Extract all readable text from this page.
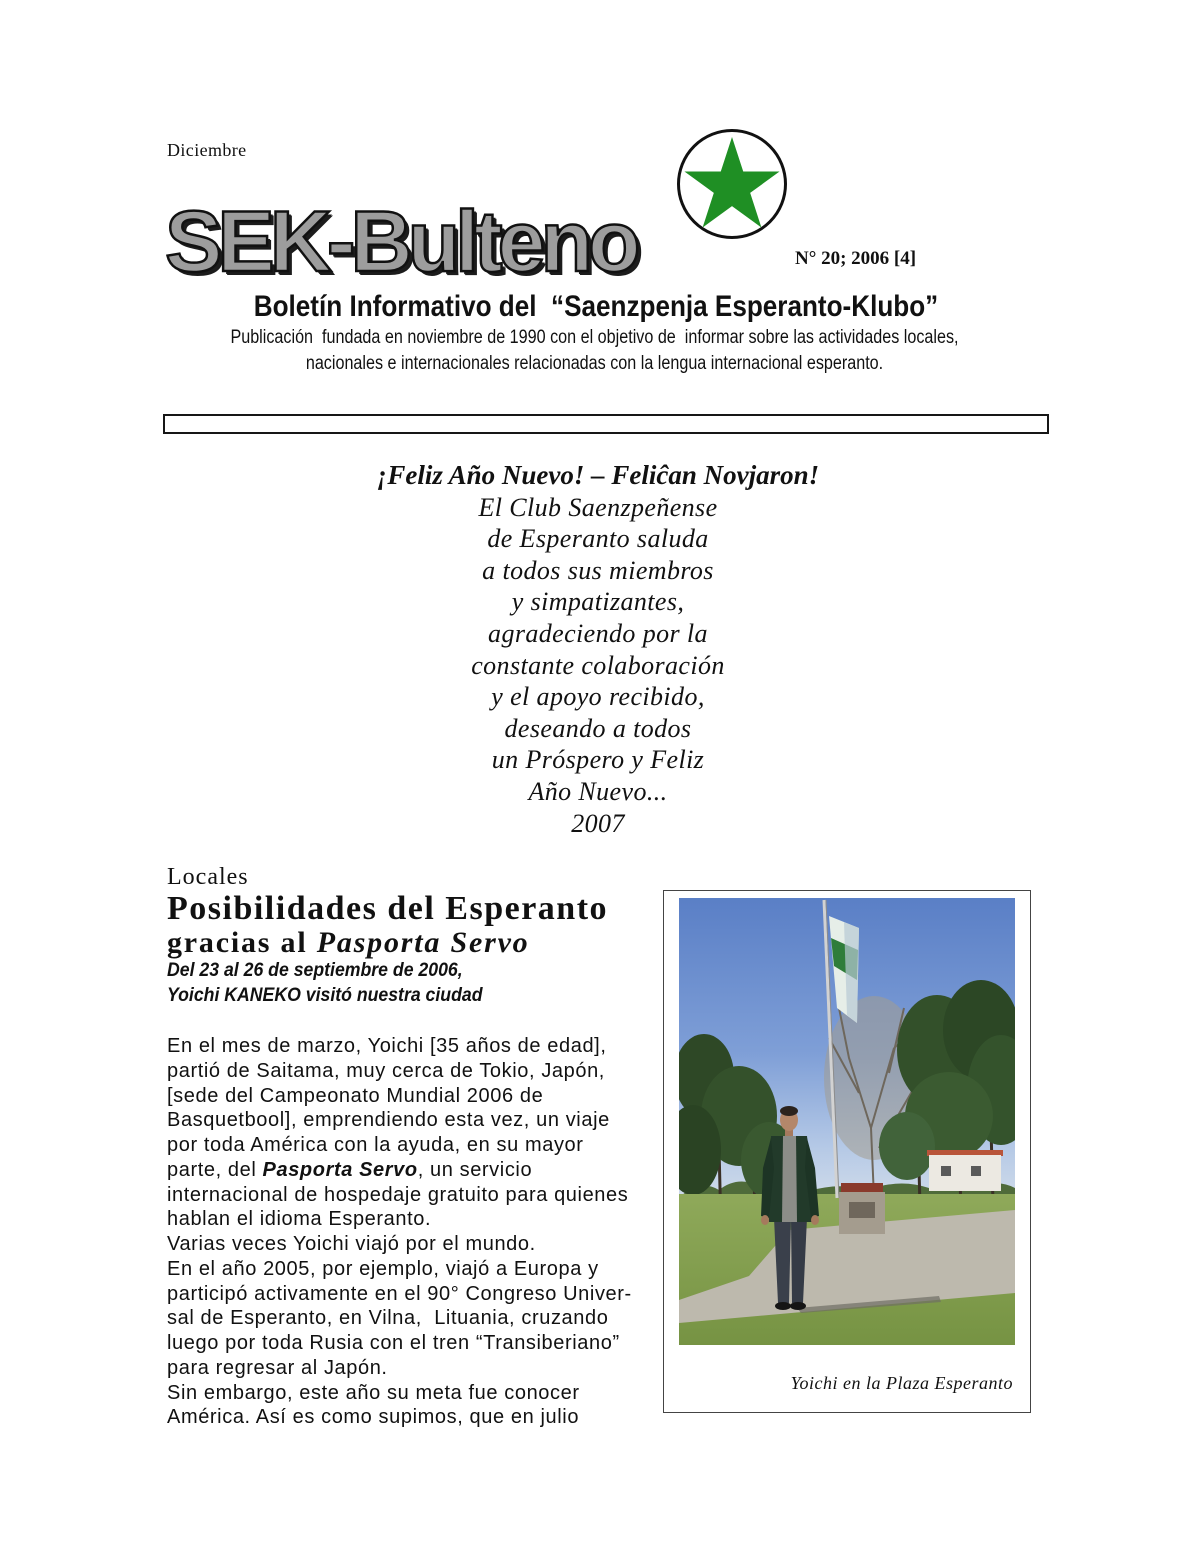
Diciembre
SEK-Bulteno	N° 20; 2006 [4]
Boletín Informativo del  “Saenzpenja Esperanto-Klubo”
Publicación  fundada en noviembre de 1990 con el objetivo de  informar sobre las actividades locales,
nacionales e internacionales relacionadas con la lengua internacional esperanto.
¡Feliz Año Nuevo! – Feliĉan Novjaron!
El Club Saenzpeñense
de Esperanto saluda
a todos sus miembros
y simpatizantes,
agradeciendo por la
constante colaboración
y el apoyo recibido,
deseando a todos
un Próspero y Feliz
Año Nuevo...
2007
Locales
Posibilidades del Esperanto
gracias al Pasporta Servo
Del 23 al 26 de septiembre de 2006,
Yoichi KANEKO visitó nuestra ciudad
En el mes de marzo, Yoichi [35 años de edad],
partió de Saitama, muy cerca de Tokio, Japón,
[sede del Campeonato Mundial 2006 de
Basquetbool], emprendiendo esta vez, un viaje
por toda América con la ayuda, en su mayor
parte, del Pasporta Servo, un servicio
internacional de hospedaje gratuito para quienes
hablan el idioma Esperanto.
Varias veces Yoichi viajó por el mundo.
En el año 2005, por ejemplo, viajó a Europa y
participó activamente en el 90° Congreso Univer-
sal de Esperanto, en Vilna,  Lituania, cruzando
luego por toda Rusia con el tren “Transiberiano”
para regresar al Japón.
Sin embargo, este año su meta fue conocer
América. Así es como supimos, que en julio
Yoichi en la Plaza Esperanto
